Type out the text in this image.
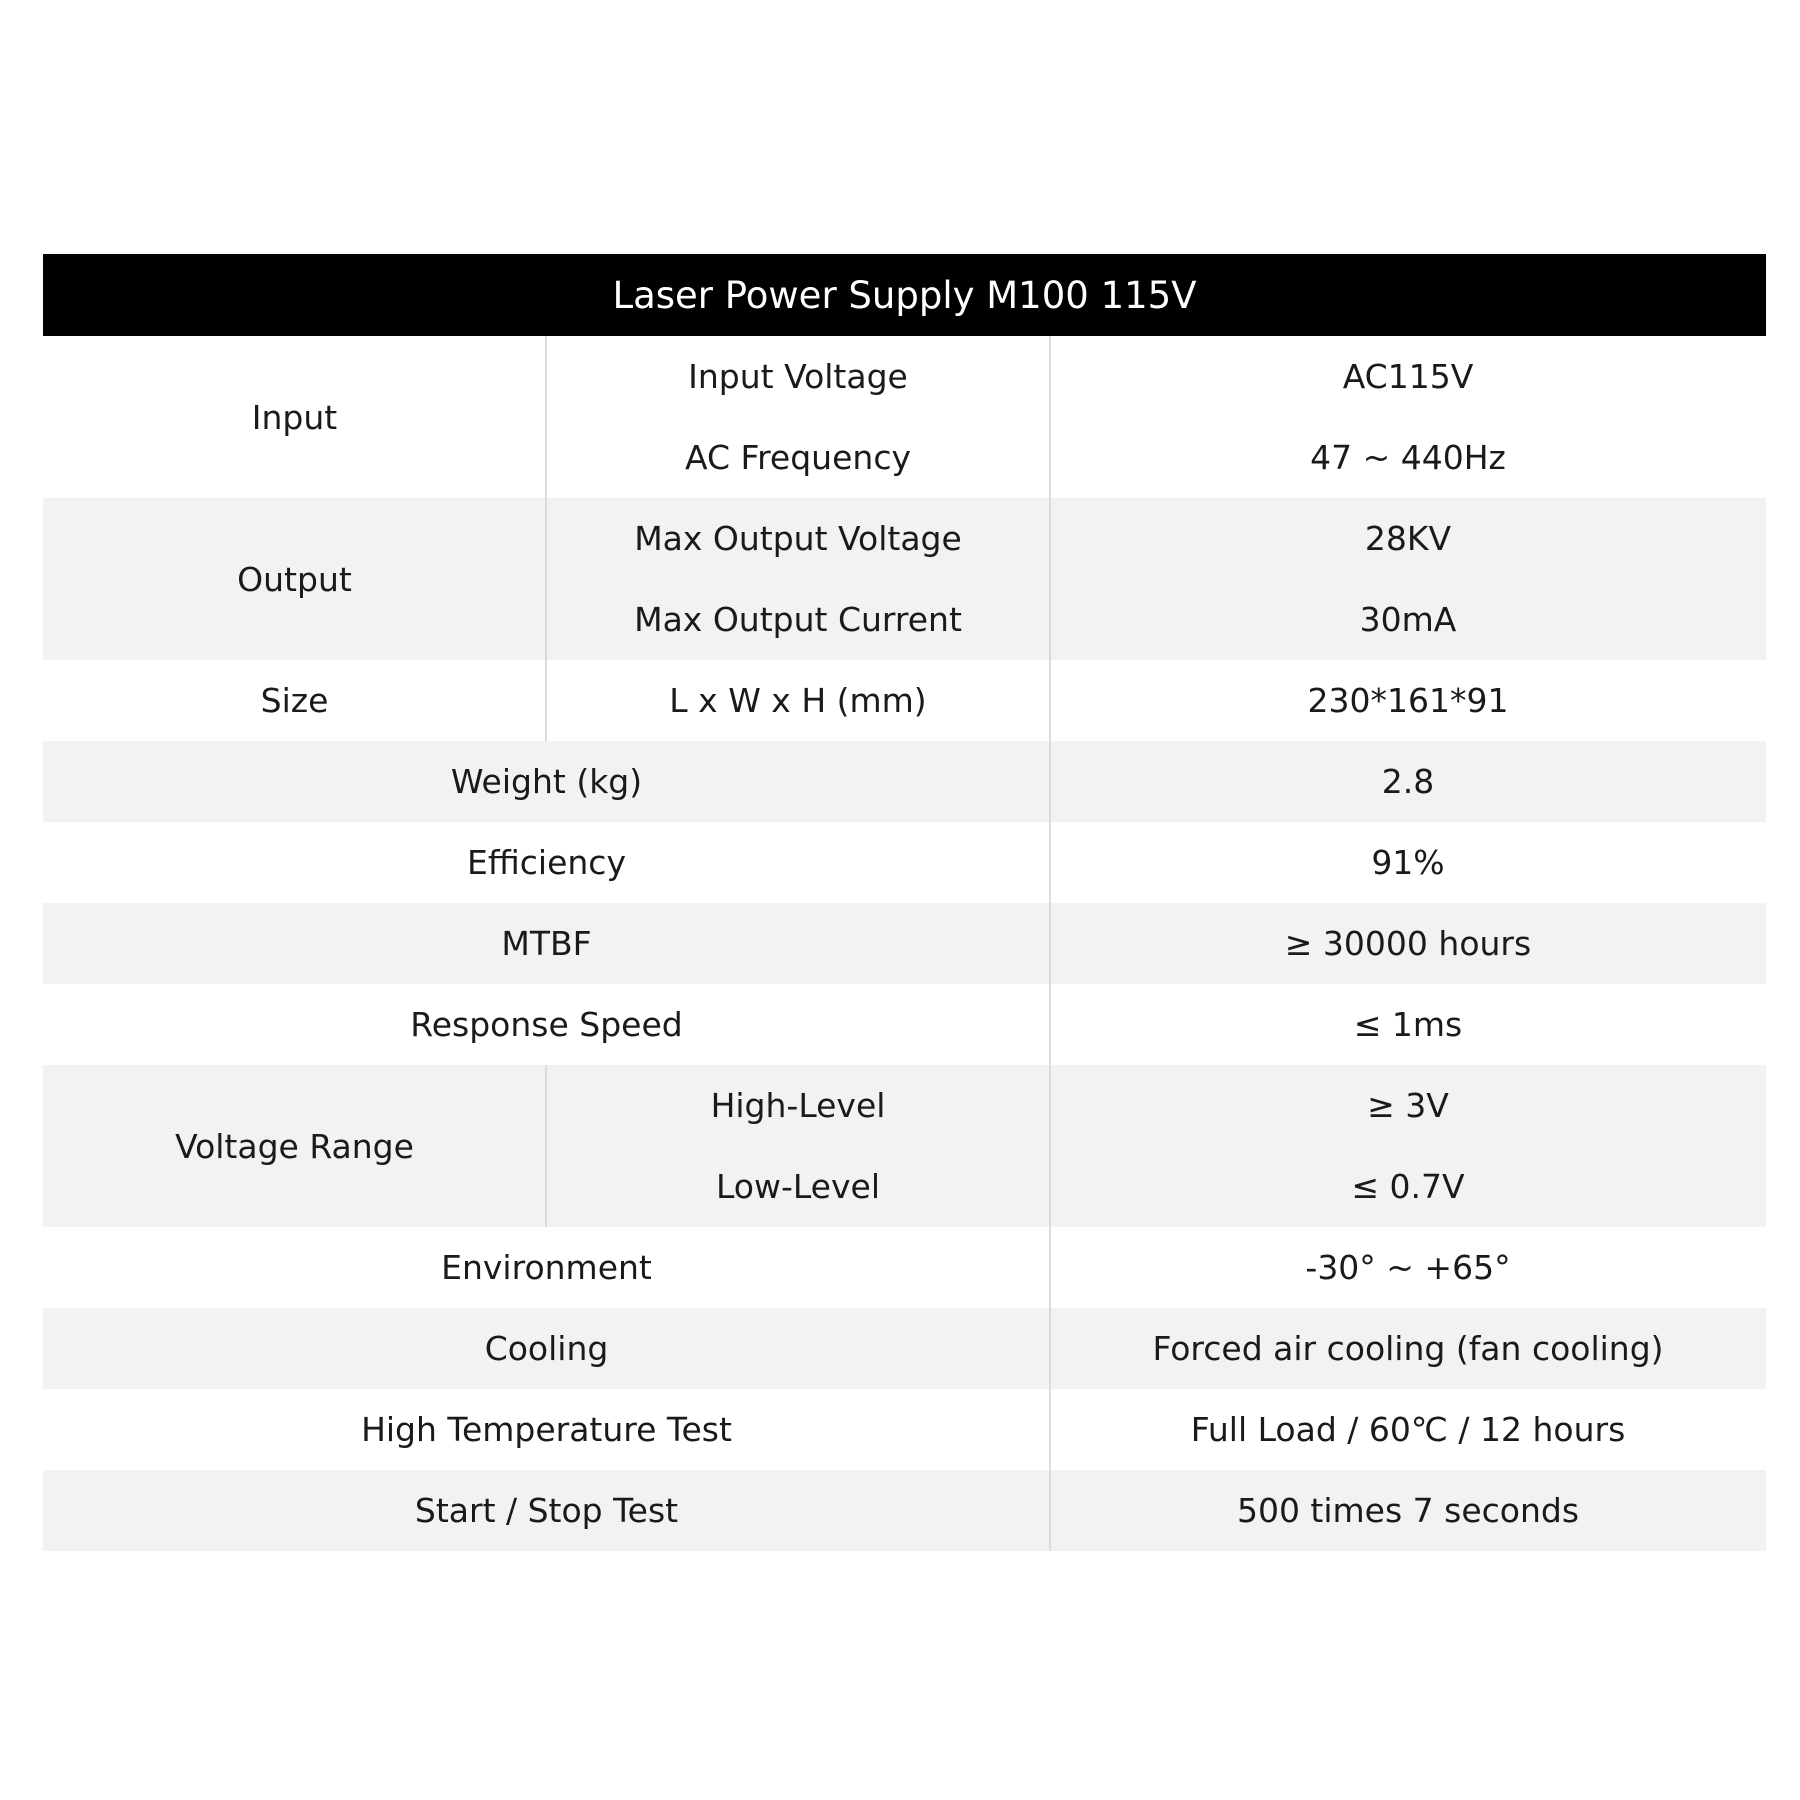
Laser Power Supply M100 115V
Input
Input Voltage	AC115V
AC Frequency	47 ~ 440Hz
Output
Max Output Voltage	28KV
Max Output Current	30mA
Size	L x W x H (mm)	230*161*91
Weight (kg)	2.8
Efficiency	91%
MTBF	≥ 30000 hours
Response Speed	≤ 1ms
Voltage Range
High-Level	≥ 3V
Low-Level	≤ 0.7V
Environment	-30° ~ +65°
Cooling	Forced air cooling (fan cooling)
High Temperature Test	Full Load / 60℃ / 12 hours
Start / Stop Test	500 times 7 seconds
